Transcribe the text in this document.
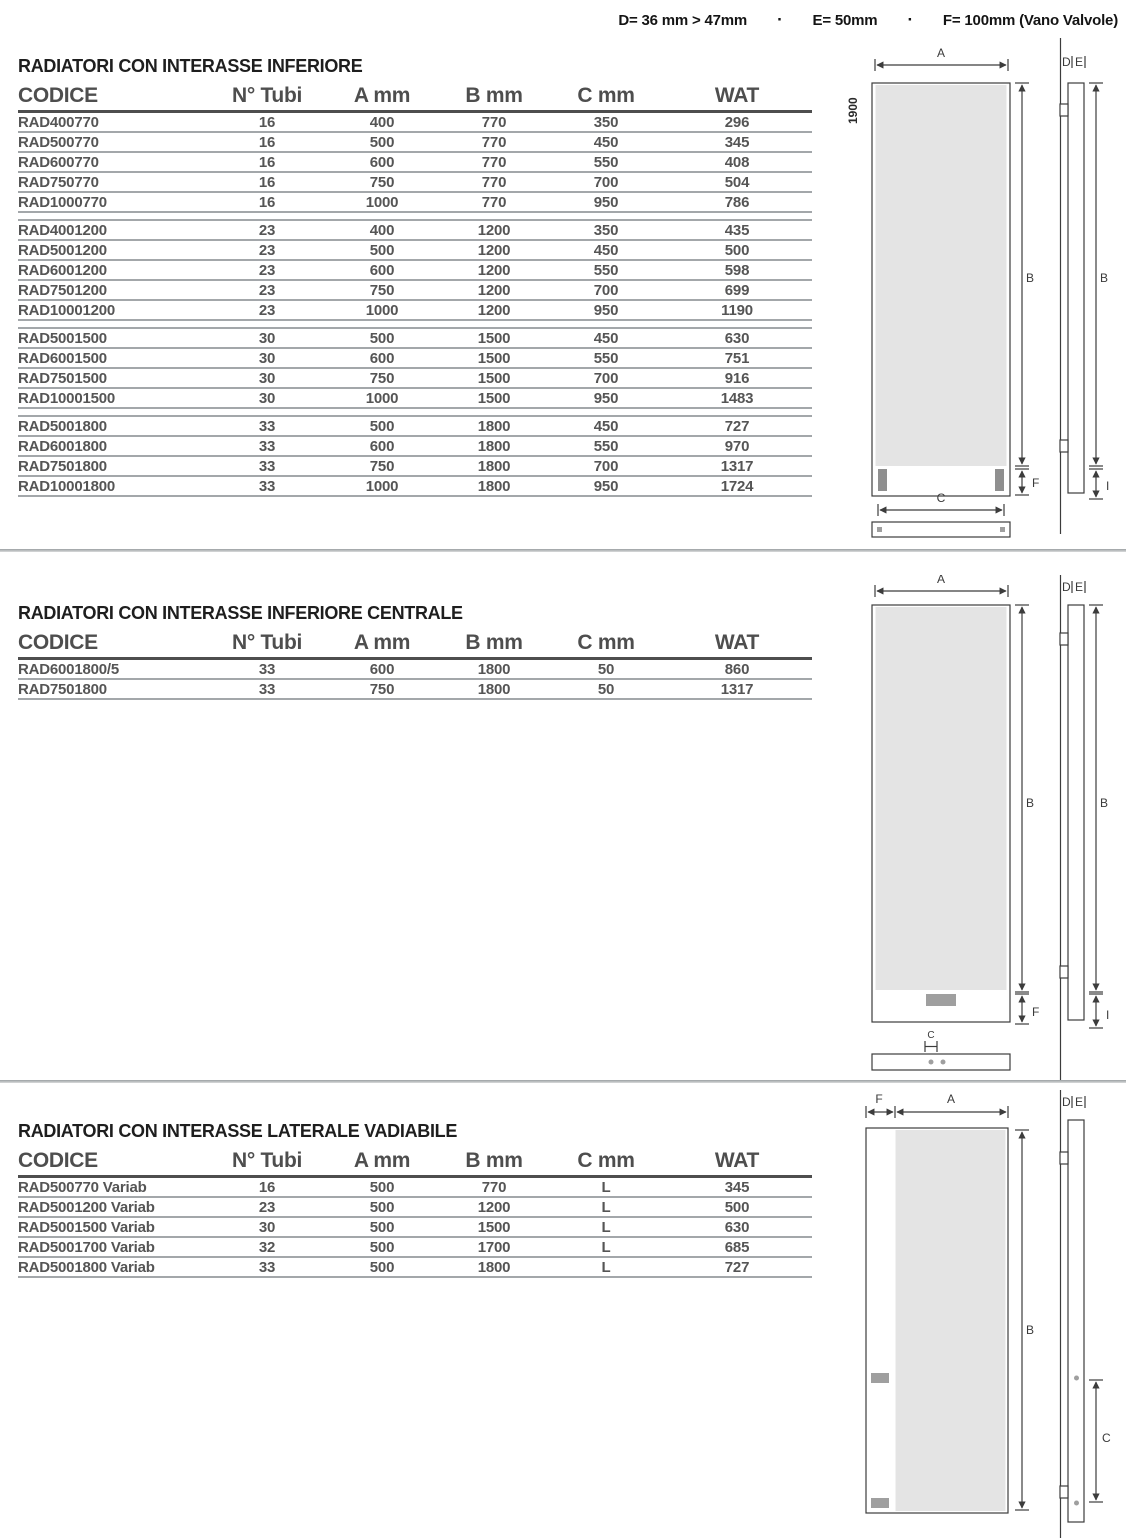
D= 36 mm > 47mm · E= 50mm · F= 100mm (Vano Valvole)
RADIATORI CON INTERASSE INFERIORE
CODICE	N° Tubi	A mm	B mm	C mm	WAT
RAD400770	16	400	770	350	296
RAD500770	16	500	770	450	345
RAD600770	16	600	770	550	408
RAD750770	16	750	770	700	504
RAD1000770	16	1000	770	950	786
RAD4001200	23	400	1200	350	435
RAD5001200	23	500	1200	450	500
RAD6001200	23	600	1200	550	598
RAD7501200	23	750	1200	700	699
RAD10001200	23	1000	1200	950	1190
RAD5001500	30	500	1500	450	630
RAD6001500	30	600	1500	550	751
RAD7501500	30	750	1500	700	916
RAD10001500	30	1000	1500	950	1483
RAD5001800	33	500	1800	450	727
RAD6001800	33	600	1800	550	970
RAD7501800	33	750	1800	700	1317
RAD10001800	33	1000	1800	950	1724
RADIATORI CON INTERASSE INFERIORE CENTRALE
CODICE	N° Tubi	A mm	B mm	C mm	WAT
RAD6001800/5	33	600	1800	50	860
RAD7501800	33	750	1800	50	1317
RADIATORI CON INTERASSE LATERALE VADIABILE
CODICE	N° Tubi	A mm	B mm	C mm	WAT
RAD500770 Variab	16	500	770	L	345
RAD5001200 Variab	23	500	1200	L	500
RAD5001500 Variab	30	500	1500	L	630
RAD5001700 Variab	32	500	1700	L	685
RAD5001800 Variab	33	500	1800	L	727
A
1900
B
F
C
D E
B
I
A
B
F
C
D E
B
I
F	A
B
D E
C
